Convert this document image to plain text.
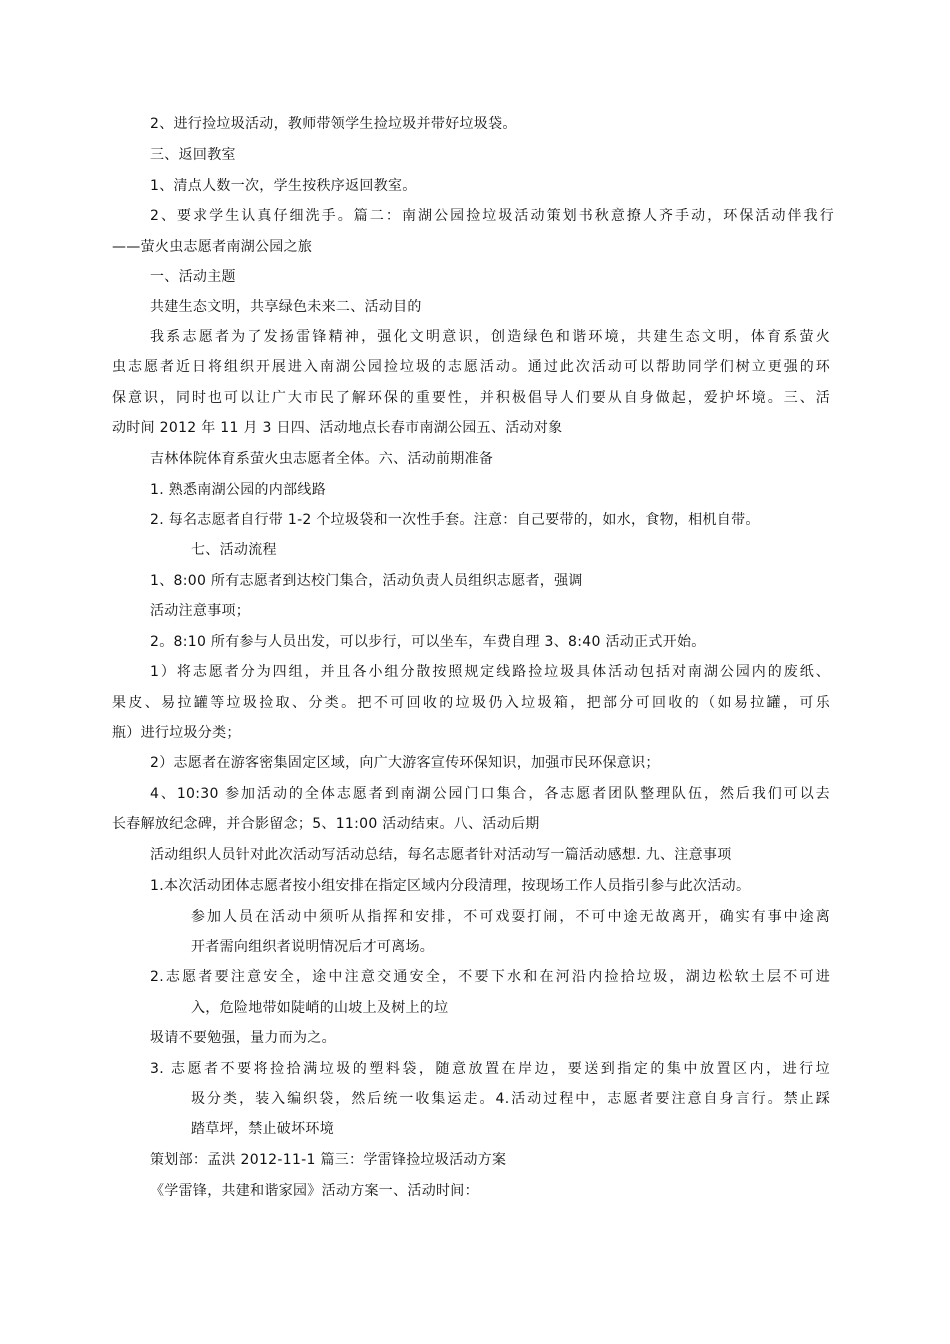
2、进行捡垃圾活动，教师带领学生捡垃圾并带好垃圾袋。
三、返回教室
1、清点人数一次，学生按秩序返回教室。
2、要求学生认真仔细洗手。篇二：南湖公园捡垃圾活动策划书秋意撩人齐手动，环保活动伴我行
——萤火虫志愿者南湖公园之旅
一、活动主题
共建生态文明，共享绿色未来二、活动目的
我系志愿者为了发扬雷锋精神，强化文明意识，创造绿色和谐环境，共建生态文明，体育系萤火
虫志愿者近日将组织开展进入南湖公园捡垃圾的志愿活动。通过此次活动可以帮助同学们树立更强的环
保意识，同时也可以让广大市民了解环保的重要性，并积极倡导人们要从自身做起，爱护坏境。三、活
动时间 2012 年 11 月 3 日四、活动地点长春市南湖公园五、活动对象
吉林体院体育系萤火虫志愿者全体。六、活动前期准备
1. 熟悉南湖公园的内部线路
2. 每名志愿者自行带 1-2 个垃圾袋和一次性手套。注意：自己要带的，如水，食物，相机自带。
七、活动流程
1、8:00 所有志愿者到达校门集合，活动负责人员组织志愿者，强调
活动注意事项；
2。8:10 所有参与人员出发，可以步行，可以坐车，车费自理 3、8:40 活动正式开始。
1）将志愿者分为四组，并且各小组分散按照规定线路捡垃圾具体活动包括对南湖公园内的废纸、
果皮、易拉罐等垃圾捡取、分类。把不可回收的垃圾仍入垃圾箱，把部分可回收的（如易拉罐，可乐
瓶）进行垃圾分类；
2）志愿者在游客密集固定区域，向广大游客宣传环保知识，加强市民环保意识；
4、10:30 参加活动的全体志愿者到南湖公园门口集合，各志愿者团队整理队伍，然后我们可以去
长春解放纪念碑，并合影留念；5、11:00 活动结束。八、活动后期
活动组织人员针对此次活动写活动总结，每名志愿者针对活动写一篇活动感想. 九、注意事项
1.本次活动团体志愿者按小组安排在指定区域内分段清理，按现场工作人员指引参与此次活动。
参加人员在活动中须听从指挥和安排，不可戏耍打闹，不可中途无故离开，确实有事中途离
开者需向组织者说明情况后才可离场。
2.志愿者要注意安全，途中注意交通安全，不要下水和在河沿内捡拾垃圾，湖边松软土层不可进
入，危险地带如陡峭的山坡上及树上的垃
圾请不要勉强，量力而为之。
3. 志愿者不要将捡拾满垃圾的塑料袋，随意放置在岸边，要送到指定的集中放置区内，进行垃
圾分类，装入编织袋，然后统一收集运走。4.活动过程中，志愿者要注意自身言行。禁止踩
踏草坪，禁止破坏环境
策划部：孟洪 2012-11-1 篇三：学雷锋捡垃圾活动方案
《学雷锋，共建和谐家园》活动方案一、活动时间：
